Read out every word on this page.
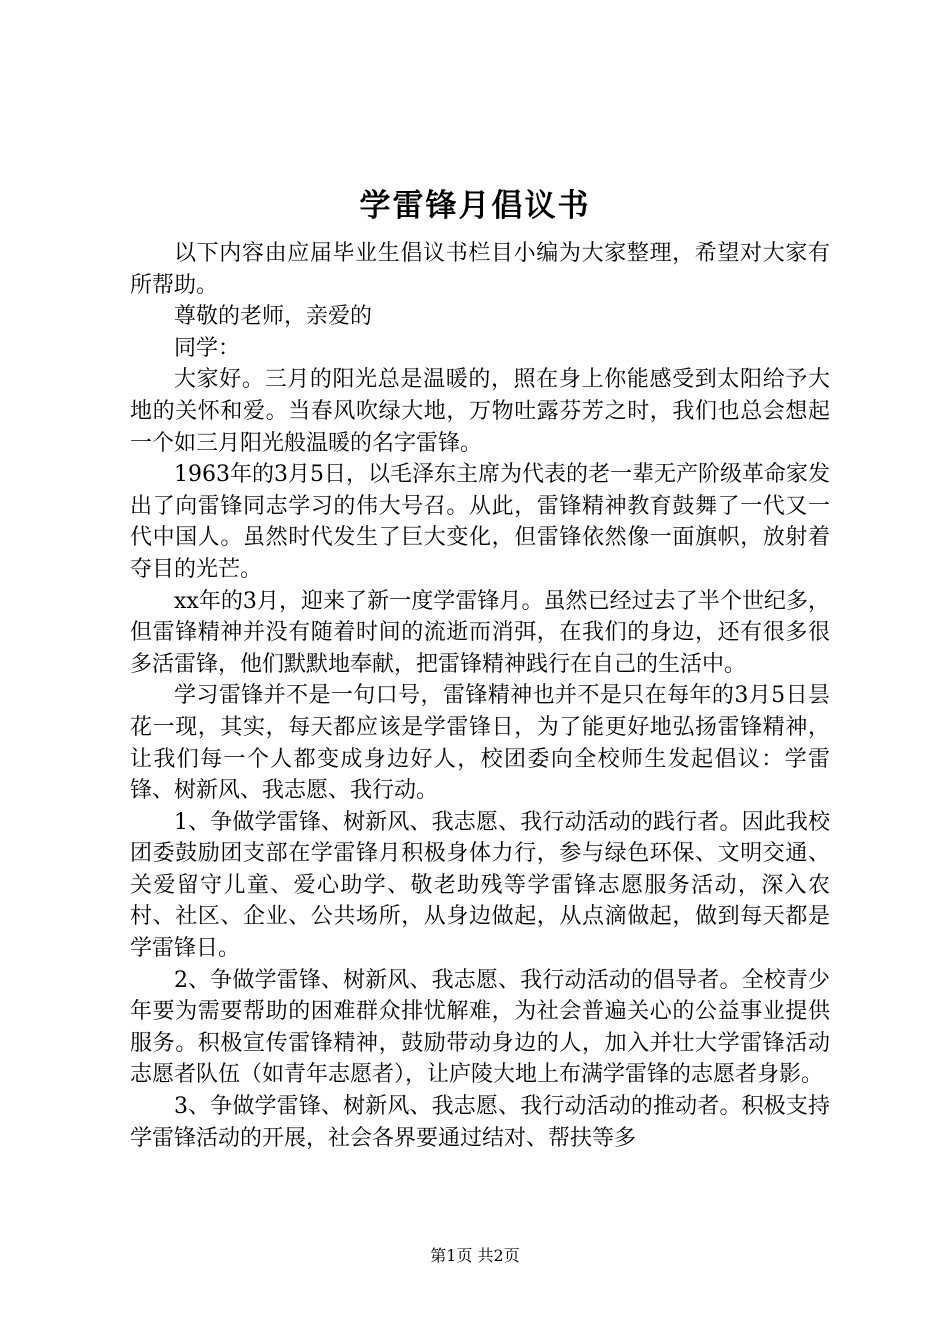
学雷锋月倡议书

以下内容由应届毕业生倡议书栏目小编为大家整理，希望对大家有所帮助。

尊敬的老师，亲爱的

同学：

大家好。三月的阳光总是温暖的，照在身上你能感受到太阳给予大地的关怀和爱。当春风吹绿大地，万物吐露芬芳之时，我们也总会想起一个如三月阳光般温暖的名字雷锋。

1963年的3月5日，以毛泽东主席为代表的老一辈无产阶级革命家发出了向雷锋同志学习的伟大号召。从此，雷锋精神教育鼓舞了一代又一代中国人。虽然时代发生了巨大变化，但雷锋依然像一面旗帜，放射着夺目的光芒。

xx年的3月，迎来了新一度学雷锋月。虽然已经过去了半个世纪多，但雷锋精神并没有随着时间的流逝而消弭，在我们的身边，还有很多很多活雷锋，他们默默地奉献，把雷锋精神践行在自己的生活中。

学习雷锋并不是一句口号，雷锋精神也并不是只在每年的3月5日昙花一现，其实，每天都应该是学雷锋日，为了能更好地弘扬雷锋精神，让我们每一个人都变成身边好人，校团委向全校师生发起倡议：学雷锋、树新风、我志愿、我行动。

1、争做学雷锋、树新风、我志愿、我行动活动的践行者。因此我校团委鼓励团支部在学雷锋月积极身体力行，参与绿色环保、文明交通、关爱留守儿童、爱心助学、敬老助残等学雷锋志愿服务活动，深入农村、社区、企业、公共场所，从身边做起，从点滴做起，做到每天都是学雷锋日。

2、争做学雷锋、树新风、我志愿、我行动活动的倡导者。全校青少年要为需要帮助的困难群众排忧解难，为社会普遍关心的公益事业提供服务。积极宣传雷锋精神，鼓励带动身边的人，加入并壮大学雷锋活动志愿者队伍（如青年志愿者），让庐陵大地上布满学雷锋的志愿者身影。

3、争做学雷锋、树新风、我志愿、我行动活动的推动者。积极支持学雷锋活动的开展，社会各界要通过结对、帮扶等多

第1页 共2页
